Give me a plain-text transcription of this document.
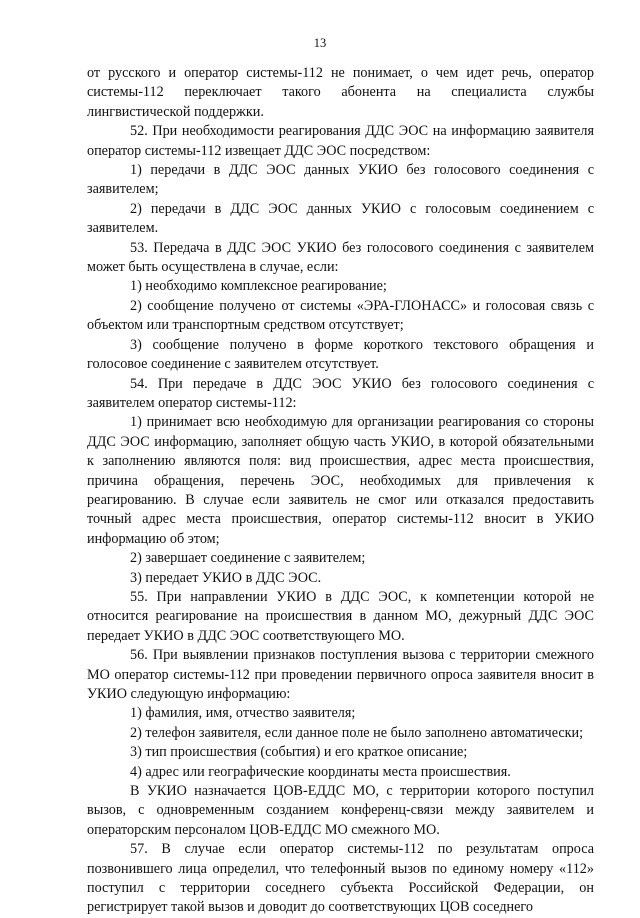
13

от русского и оператор системы-112 не понимает, о чем идет речь, оператор системы-112 переключает такого абонента на специалиста службы лингвистической поддержки.

52. При необходимости реагирования ДДС ЭОС на информацию заявителя оператор системы-112 извещает ДДС ЭОС посредством:

1) передачи в ДДС ЭОС данных УКИО без голосового соединения с заявителем;

2) передачи в ДДС ЭОС данных УКИО с голосовым соединением с заявителем.

53. Передача в ДДС ЭОС УКИО без голосового соединения с заявителем может быть осуществлена в случае, если:

1) необходимо комплексное реагирование;

2) сообщение получено от системы «ЭРА-ГЛОНАСС» и голосовая связь с объектом или транспортным средством отсутствует;

3) сообщение получено в форме короткого текстового обращения и голосовое соединение с заявителем отсутствует.

54. При передаче в ДДС ЭОС УКИО без голосового соединения с заявителем оператор системы-112:

1) принимает всю необходимую для организации реагирования со стороны ДДС ЭОС информацию, заполняет общую часть УКИО, в которой обязательными к заполнению являются поля: вид происшествия, адрес места происшествия, причина обращения, перечень ЭОС, необходимых для привлечения к реагированию. В случае если заявитель не смог или отказался предоставить точный адрес места происшествия, оператор системы-112 вносит в УКИО информацию об этом;

2) завершает соединение с заявителем;

3) передает УКИО в ДДС ЭОС.

55. При направлении УКИО в ДДС ЭОС, к компетенции которой не относится реагирование на происшествия в данном МО, дежурный ДДС ЭОС передает УКИО в ДДС ЭОС соответствующего МО.

56. При выявлении признаков поступления вызова с территории смежного МО оператор системы-112 при проведении первичного опроса заявителя вносит в УКИО следующую информацию:

1) фамилия, имя, отчество заявителя;

2) телефон заявителя, если данное поле не было заполнено автоматически;

3) тип происшествия (события) и его краткое описание;

4) адрес или географические координаты места происшествия.

В УКИО назначается ЦОВ-ЕДДС МО, с территории которого поступил вызов, с одновременным созданием конференц-связи между заявителем и операторским персоналом ЦОВ-ЕДДС МО смежного МО.

57. В случае если оператор системы-112 по результатам опроса позвонившего лица определил, что телефонный вызов по единому номеру «112» поступил с территории соседнего субъекта Российской Федерации, он регистрирует такой вызов и доводит до соответствующих ЦОВ соседнего
